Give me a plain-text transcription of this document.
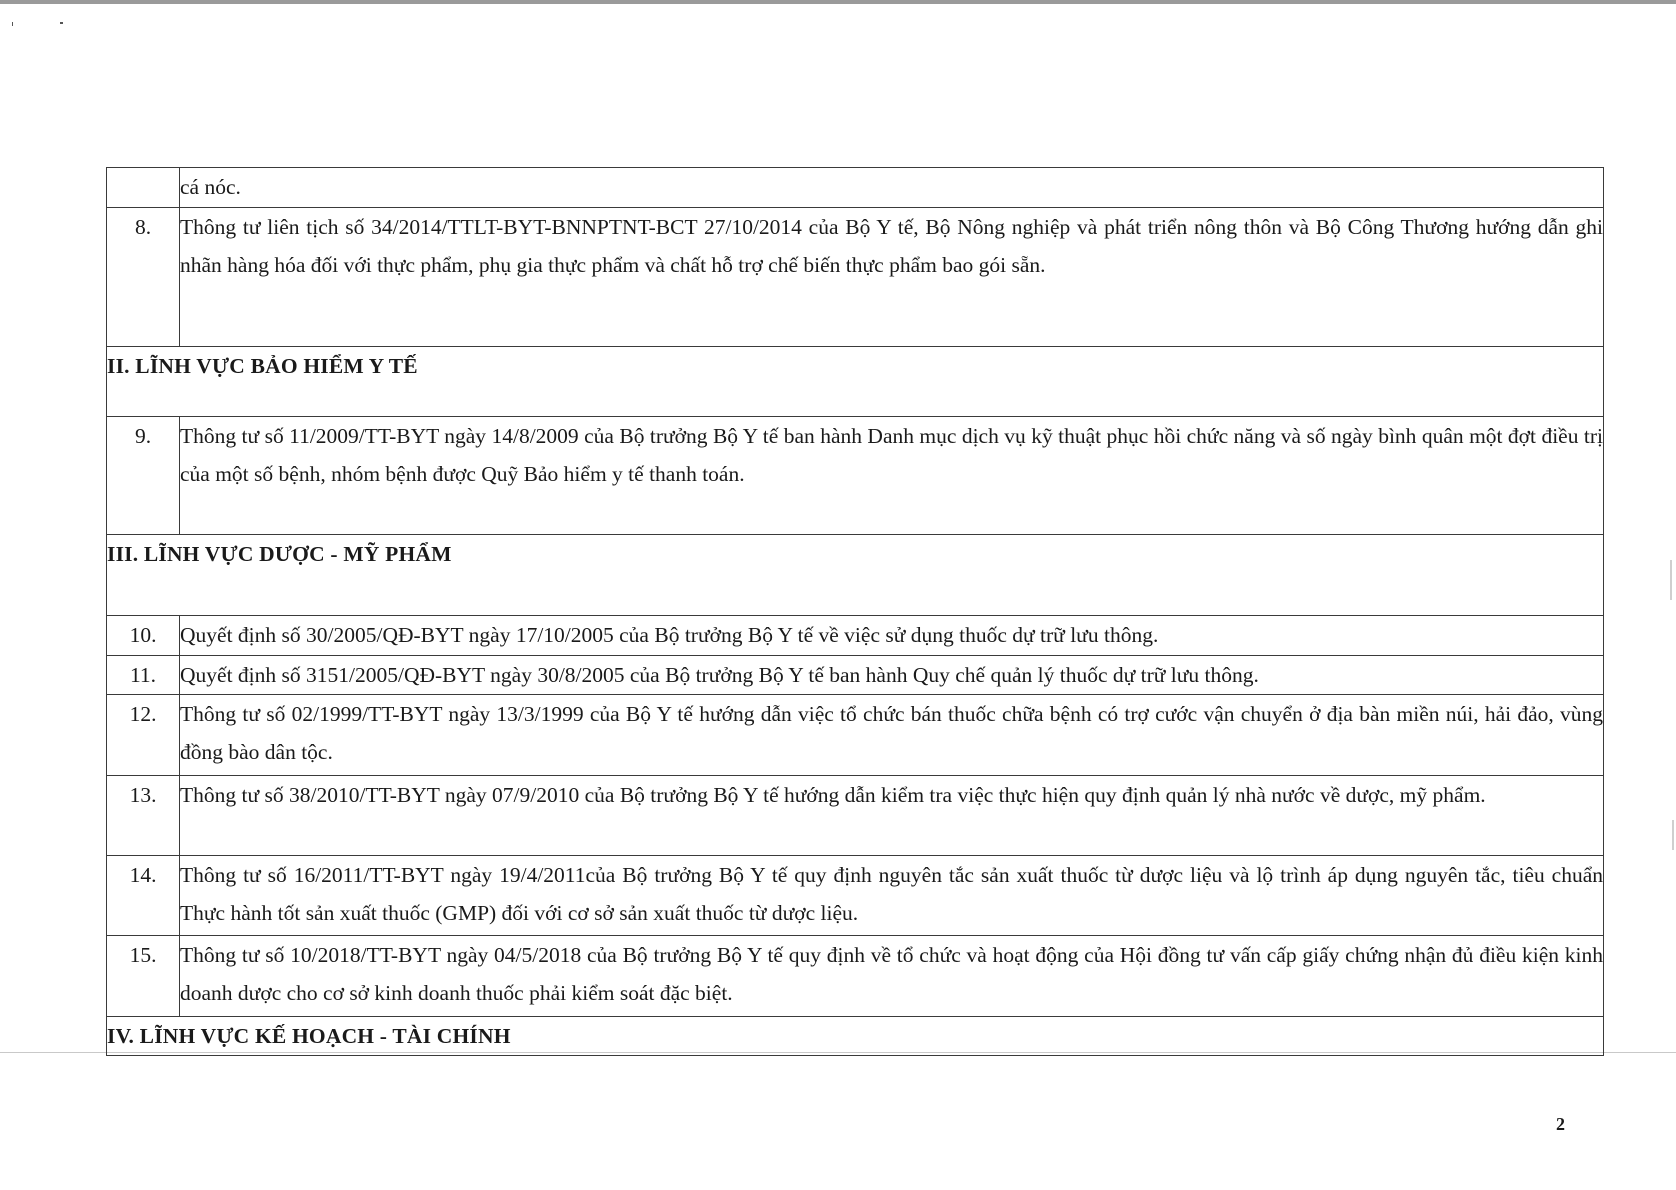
	cá nóc.
8.	Thông tư liên tịch số 34/2014/TTLT-BYT-BNNPTNT-BCT 27/10/2014 của Bộ Y tế, Bộ Nông nghiệp và phát triển nông thôn và Bộ Công Thương hướng dẫn ghi nhãn hàng hóa đối với thực phẩm, phụ gia thực phẩm và chất hỗ trợ chế biến thực phẩm bao gói sẵn.
II. LĨNH VỰC BẢO HIỂM Y TẾ	
9.	Thông tư số 11/2009/TT-BYT ngày 14/8/2009 của Bộ trưởng Bộ Y tế ban hành Danh mục dịch vụ kỹ thuật phục hồi chức năng và số ngày bình quân một đợt điều trị của một số bệnh, nhóm bệnh được Quỹ Bảo hiểm y tế thanh toán.
III. LĨNH VỰC DƯỢC - MỸ PHẨM	
10.	Quyết định số 30/2005/QĐ-BYT ngày 17/10/2005 của Bộ trưởng Bộ Y tế về việc sử dụng thuốc dự trữ lưu thông.
11.	Quyết định số 3151/2005/QĐ-BYT ngày 30/8/2005 của Bộ trưởng Bộ Y tế ban hành Quy chế quản lý thuốc dự trữ lưu thông.
12.	Thông tư số 02/1999/TT-BYT ngày 13/3/1999 của Bộ Y tế hướng dẫn việc tổ chức bán thuốc chữa bệnh có trợ cước vận chuyển ở địa bàn miền núi, hải đảo, vùng đồng bào dân tộc.
13.	Thông tư số 38/2010/TT-BYT ngày 07/9/2010 của Bộ trưởng Bộ Y tế hướng dẫn kiểm tra việc thực hiện quy định quản lý nhà nước về dược, mỹ phẩm.
14.	Thông tư số 16/2011/TT-BYT ngày 19/4/2011của Bộ trưởng Bộ Y tế quy định nguyên tắc sản xuất thuốc từ dược liệu và lộ trình áp dụng nguyên tắc, tiêu chuẩn Thực hành tốt sản xuất thuốc (GMP) đối với cơ sở sản xuất thuốc từ dược liệu.
15.	Thông tư số 10/2018/TT-BYT ngày 04/5/2018 của Bộ trưởng Bộ Y tế quy định về tổ chức và hoạt động của Hội đồng tư vấn cấp giấy chứng nhận đủ điều kiện kinh doanh dược cho cơ sở kinh doanh thuốc phải kiểm soát đặc biệt.
IV. LĨNH VỰC KẾ HOẠCH - TÀI CHÍNH	
2
